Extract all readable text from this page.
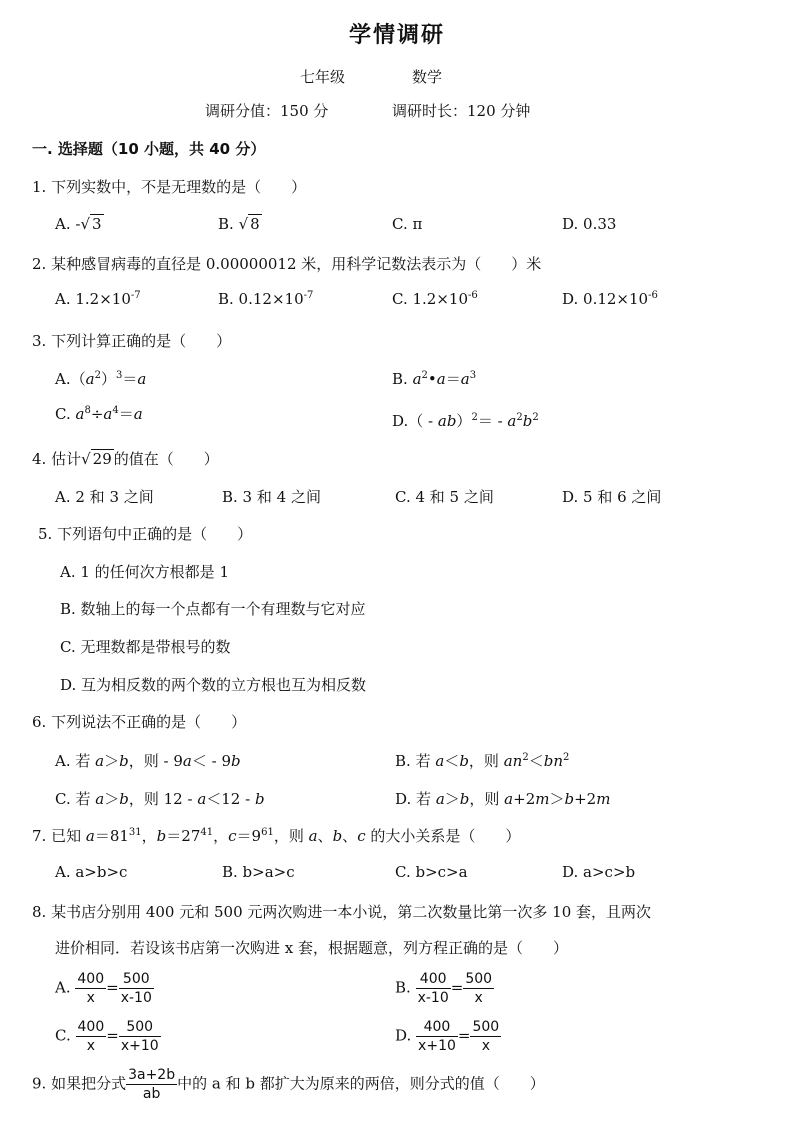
学情调研
七年级	数学
调研分值：150 分	调研时长：120 分钟
一. 选择题（10 小题，共 40 分）
1. 下列实数中，不是无理数的是（　　）
A. -√ 3	B. √ 8	C. π	D. 0.33
2. 某种感冒病毒的直径是 0.00000012 米，用科学记数法表示为（　　）米
A. $1.2\times 10^{-7}$	B. $0.12\times 10^{-7}$	C. $1.2\times 10^{-6}$	D. $0.12\times 10^{-6}$
3. 下列计算正确的是（　　）
$A.(a^2)^3=a$	B. $a^2•a=a^3$
C. $a^8\div a^4=a$	$D.( - ab)^2= - a^2b^2$
4. 估计√ 29 的值在（　　）
A. 2 和 3 之间	B. 3 和 4 之间	C. 4 和 5 之间	D. 5 和 6 之间
5. 下列语句中正确的是（　　）
A. 1 的任何次方根都是 1
B. 数轴上的每一个点都有一个有理数与它对应
C. 无理数都是带根号的数
D. 互为相反数的两个数的立方根也互为相反数
6. 下列说法不正确的是（　　）
A. 若 a＞b，则 - 9a＜ - 9b	B. 若 a＜b，则 $an^2<bn^2$
C. 若 a＞b，则 12 - a＜12 - b	D. 若 a＞b，则 a+2m＞b+2m
7. 已知 $a=81^{31}$，$b=27^{41}$，$c=9^{61}$，则 a、b、c 的大小关系是（　　）
A. a>b>c	B. b>a>c	C. b>c>a	D. a>c>b
8. 某书店分别用 400 元和 500 元两次购进一本小说，第二次数量比第一次多 10 套，且两次
进价相同．若设该书店第一次购进 x 套，根据题意，列方程正确的是（　　）
A. $\frac{400}{x} = \frac{500}{x-10}$	B. $\frac{400}{x-10} = \frac{500}{x}$
C. $\frac{400}{x} = \frac{500}{x+10}$	D. $\frac{400}{x+10} = \frac{500}{x}$
9. 如果把分式 $\frac{3a+2b}{ab}$ 中的 a 和 b 都扩大为原来的两倍，则分式的值（　　）
